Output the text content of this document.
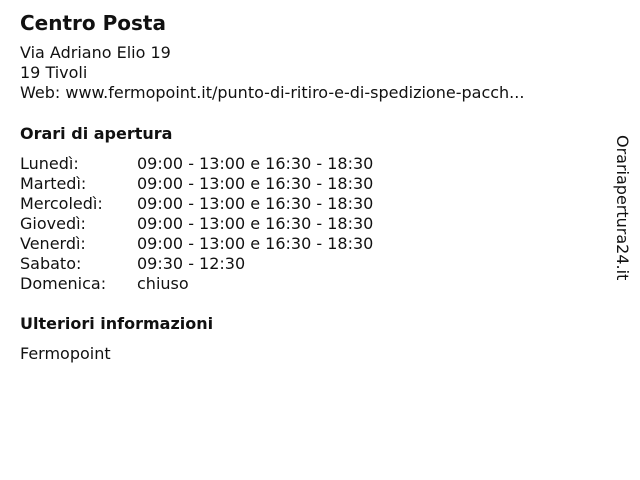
Centro Posta
Via Adriano Elio 19
19 Tivoli
Web: www.fermopoint.it/punto-di-ritiro-e-di-spedizione-pacch...
Orari di apertura
Lunedì:	09:00 - 13:00 e 16:30 - 18:30
Martedì:	09:00 - 13:00 e 16:30 - 18:30
Mercoledì:	09:00 - 13:00 e 16:30 - 18:30
Giovedì:	09:00 - 13:00 e 16:30 - 18:30
Venerdì:	09:00 - 13:00 e 16:30 - 18:30
Sabato:	09:30 - 12:30
Domenica:	chiuso
Ulteriori informazioni
Fermopoint
Orariapertura24.it
